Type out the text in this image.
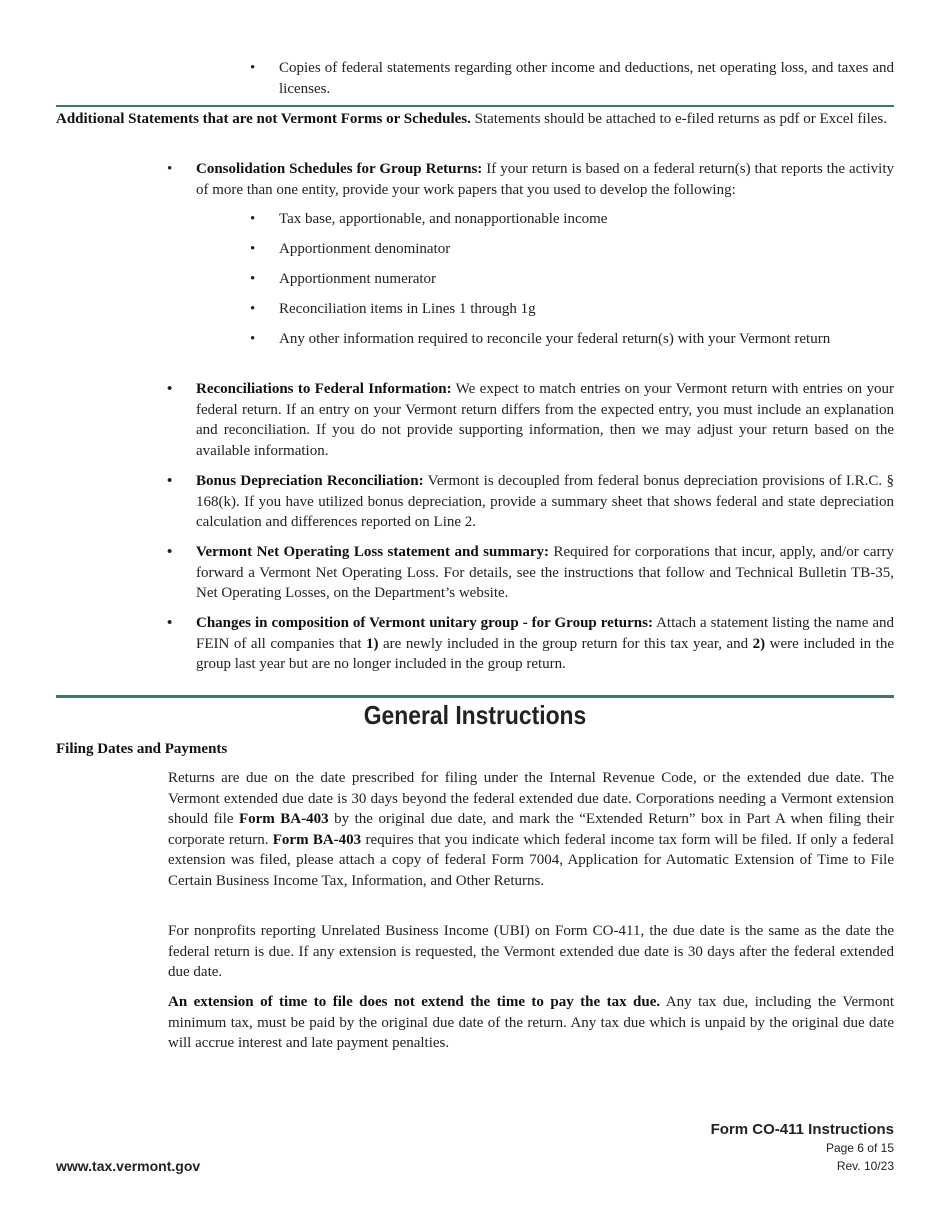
• Copies of federal statements regarding other income and deductions, net operating loss, and taxes and licenses.
Additional Statements that are not Vermont Forms or Schedules. Statements should be attached to e-filed returns as pdf or Excel files.
• Consolidation Schedules for Group Returns: If your return is based on a federal return(s) that reports the activity of more than one entity, provide your work papers that you used to develop the following:
• Tax base, apportionable, and nonapportionable income
• Apportionment denominator
• Apportionment numerator
• Reconciliation items in Lines 1 through 1g
• Any other information required to reconcile your federal return(s) with your Vermont return
• Reconciliations to Federal Information: We expect to match entries on your Vermont return with entries on your federal return. If an entry on your Vermont return differs from the expected entry, you must include an explanation and reconciliation. If you do not provide supporting information, then we may adjust your return based on the available information.
• Bonus Depreciation Reconciliation: Vermont is decoupled from federal bonus depreciation provisions of I.R.C. § 168(k). If you have utilized bonus depreciation, provide a summary sheet that shows federal and state depreciation calculation and differences reported on Line 2.
• Vermont Net Operating Loss statement and summary: Required for corporations that incur, apply, and/or carry forward a Vermont Net Operating Loss. For details, see the instructions that follow and Technical Bulletin TB-35, Net Operating Losses, on the Department’s website.
• Changes in composition of Vermont unitary group - for Group returns: Attach a statement listing the name and FEIN of all companies that 1) are newly included in the group return for this tax year, and 2) were included in the group last year but are no longer included in the group return.
General Instructions
Filing Dates and Payments
Returns are due on the date prescribed for filing under the Internal Revenue Code, or the extended due date. The Vermont extended due date is 30 days beyond the federal extended due date. Corporations needing a Vermont extension should file Form BA-403 by the original due date, and mark the “Extended Return” box in Part A when filing their corporate return. Form BA-403 requires that you indicate which federal income tax form will be filed. If only a federal extension was filed, please attach a copy of federal Form 7004, Application for Automatic Extension of Time to File Certain Business Income Tax, Information, and Other Returns.
For nonprofits reporting Unrelated Business Income (UBI) on Form CO-411, the due date is the same as the date the federal return is due. If any extension is requested, the Vermont extended due date is 30 days after the federal extended due date.
An extension of time to file does not extend the time to pay the tax due. Any tax due, including the Vermont minimum tax, must be paid by the original due date of the return. Any tax due which is unpaid by the original due date will accrue interest and late payment penalties.
www.tax.vermont.gov
Form CO-411 Instructions
Page 6 of 15
Rev. 10/23
